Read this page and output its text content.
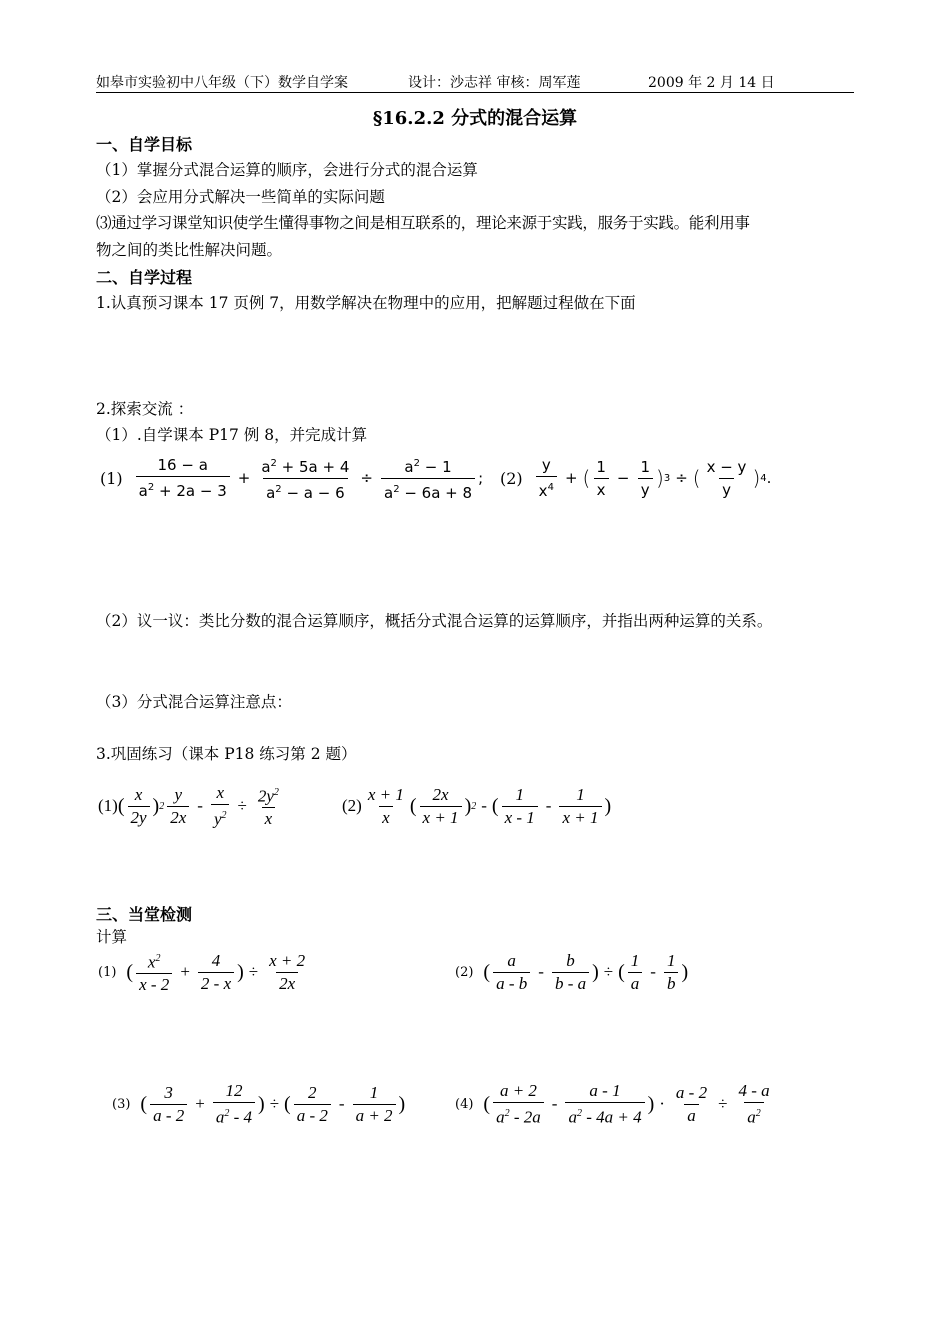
如皋市实验初中八年级（下）数学自学案	设计：沙志祥 审核：周军莲	2009 年 2 月 14 日
§16.2.2 分式的混合运算
一、自学目标
（1）掌握分式混合运算的顺序，会进行分式的混合运算
（2）会应用分式解决一些简单的实际问题
⑶通过学习课堂知识使学生懂得事物之间是相互联系的，理论来源于实践，服务于实践。能利用事
物之间的类比性解决问题。
二、自学过程
1.认真预习课本 17 页例 7，用数学解决在物理中的应用，把解题过程做在下面
2.探索交流 ：
（1）.自学课本 P17 例 8，并完成计算
(1)
16 − a
$a^2 + 2a - 3$
+ $\frac{a^2 + 5a + 4}{a^2 - a - 6} \div \frac{a^2 - 1}{a^2 - 6a + 8}$ ; (2)
y
$x^4$
+ ( 1
x
− $\frac{1}{y}$ ) 3 ÷ ( x − y
y ) 4 .
（2）议一议：类比分数的混合运算顺序，概括分式混合运算的运算顺序，并指出两种运算的关系。
（3）分式混合运算注意点：
3.巩固练习（课本 P18 练习第 2 题）
(1) (
x
2y
) 2
y
2x
- $\frac{x}{y^2} \div \frac{2y^2}{x}$	(2)
x + 1
x
(
2x
x + 1
) 2 - (
1
x - 1
-
1
x + 1
)
三、当堂检测
计算
(1) ( $x^2$
x - 2
+ $\frac{4}{2 - x}$ ) ÷ $\frac{x + 2}{2x}$	(2) (
a
a - b
-
b
b - a
) ÷ (
1
a
-
1
b
)
(3) (
3
a - 2
+ $\frac{12}{a^2 - 4}$ ) ÷ (
2
a - 2
-
1
a + 2
)	(4) (
a + 2
$a^2 - 2a$
-
a - 1
$a^2 - 4a + 4$
) · $\frac{a - 2}{a} \div \frac{4 - a}{a^2}$
